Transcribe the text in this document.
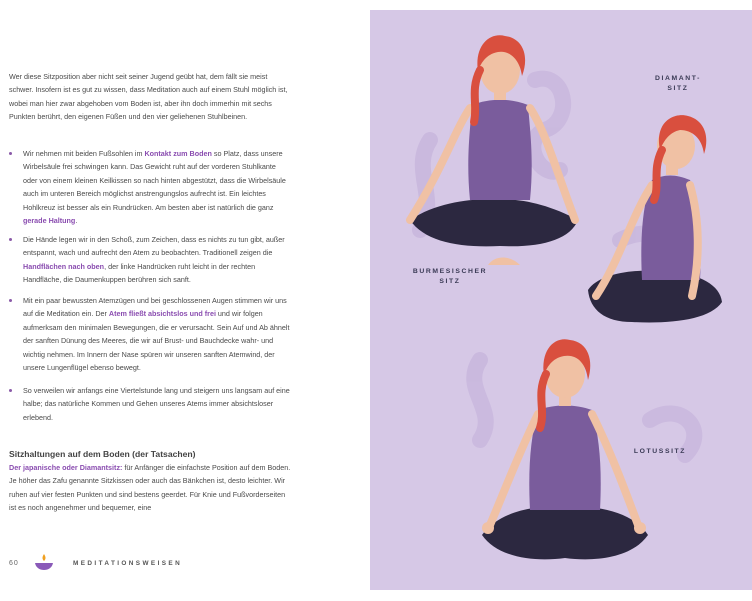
Wer diese Sitzposition aber nicht seit seiner Jugend geübt hat, dem fällt sie meist schwer. Insofern ist es gut zu wissen, dass Meditation auch auf einem Stuhl möglich ist, wobei man hier zwar abgehoben vom Boden ist, aber ihn doch immerhin mit sechs Punkten berührt, den eigenen Füßen und den vier geliehenen Stuhlbeinen.

Wir nehmen mit beiden Fußsohlen im Kontakt zum Boden so Platz, dass unsere Wirbelsäule frei schwingen kann. Das Gewicht ruht auf der vorderen Stuhlkante oder von einem kleinen Keilkissen so nach hinten abgestützt, dass die Wirbelsäule auch im unteren Bereich möglichst anstrengungslos aufrecht ist. Ein leichtes Hohlkreuz ist besser als ein Rundrücken. Am besten aber ist natürlich die ganz gerade Haltung.

Die Hände legen wir in den Schoß, zum Zeichen, dass es nichts zu tun gibt, außer entspannt, wach und aufrecht den Atem zu beobachten. Traditionell zeigen die Handflächen nach oben, der linke Handrücken ruht leicht in der rechten Handfläche, die Daumenkuppen berühren sich sanft.

Mit ein paar bewussten Atemzügen und bei geschlossenen Augen stimmen wir uns auf die Meditation ein. Der Atem fließt absichtslos und frei und wir folgen aufmerksam den minimalen Bewegungen, die er verursacht. Sein Auf und Ab ähnelt der sanften Dünung des Meeres, die wir auf Brust- und Bauchdecke wahr- und wichtig nehmen. Im Innern der Nase spüren wir unseren sanften Atemwind, der unsere Lungenflügel ebenso bewegt.

So verweilen wir anfangs eine Viertelstunde lang und steigern uns langsam auf eine halbe; das natürliche Kommen und Gehen unseres Atems immer absichtsloser erlebend.

Sitzhaltungen auf dem Boden (der Tatsachen)

Der japanische oder Diamantsitz: für Anfänger die einfachste Position auf dem Boden. Je höher das Zafu genannte Sitzkissen oder auch das Bänkchen ist, desto leichter. Wir ruhen auf vier festen Punkten und sind bestens geerdet. Für Knie und Fußvorderseiten ist es noch angenehmer und bequemer, eine

60	MEDITATIONSWEISEN
DIAMANT-
SITZ
BURMESISCHER
SITZ
LOTUSSITZ
